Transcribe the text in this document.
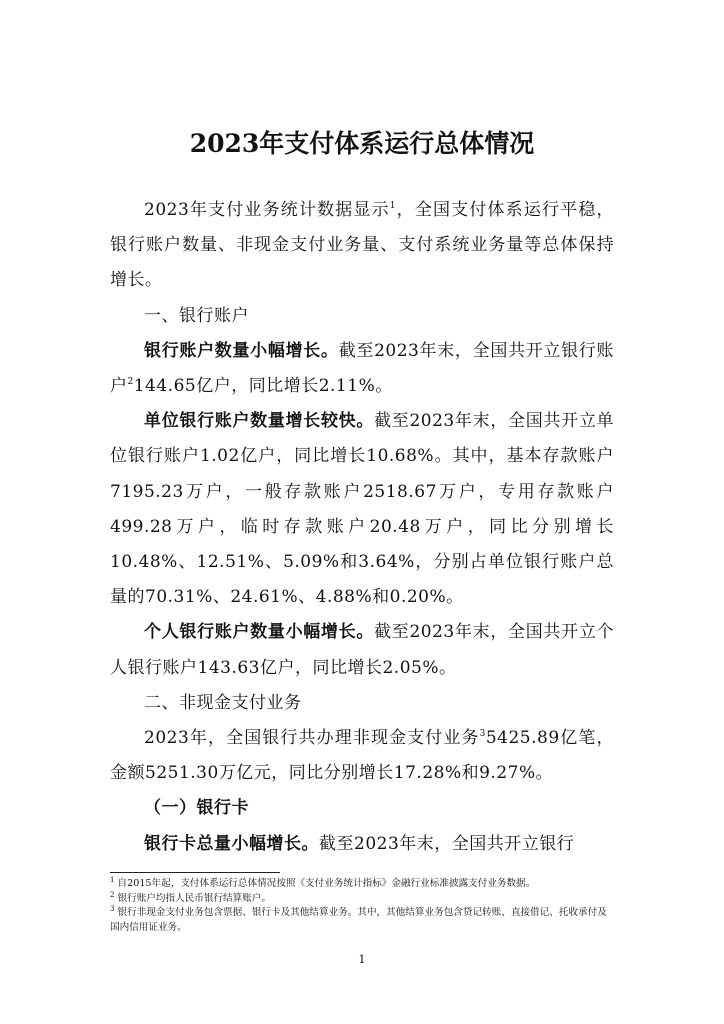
2023年支付体系运行总体情况

2023年支付业务统计数据显示$^1$，全国支付体系运行平稳，银行账户数量、非现金支付业务量、支付系统业务量等总体保持增长。

一、银行账户

银行账户数量小幅增长。截至2023年末，全国共开立银行账户$^2$144.65亿户，同比增长2.11%。

单位银行账户数量增长较快。截至2023年末，全国共开立单位银行账户1.02亿户，同比增长10.68%。其中，基本存款账户7195.23万户，一般存款账户2518.67万户，专用存款账户499.28万户，临时存款账户20.48万户，同比分别增长10.48%、12.51%、5.09%和3.64%，分别占单位银行账户总量的70.31%、24.61%、4.88%和0.20%。

个人银行账户数量小幅增长。截至2023年末，全国共开立个人银行账户143.63亿户，同比增长2.05%。

二、非现金支付业务

2023年，全国银行共办理非现金支付业务$^3$5425.89亿笔，金额5251.30万亿元，同比分别增长17.28%和9.27%。

（一）银行卡

银行卡总量小幅增长。截至2023年末，全国共开立银行

$^1$ 自2015年起，支付体系运行总体情况按照《支付业务统计指标》金融行业标准披露支付业务数据。

$^2$ 银行账户均指人民币银行结算账户。

$^3$ 银行非现金支付业务包含票据、银行卡及其他结算业务。其中，其他结算业务包含贷记转账、直接借记、托收承付及国内信用证业务。

1
